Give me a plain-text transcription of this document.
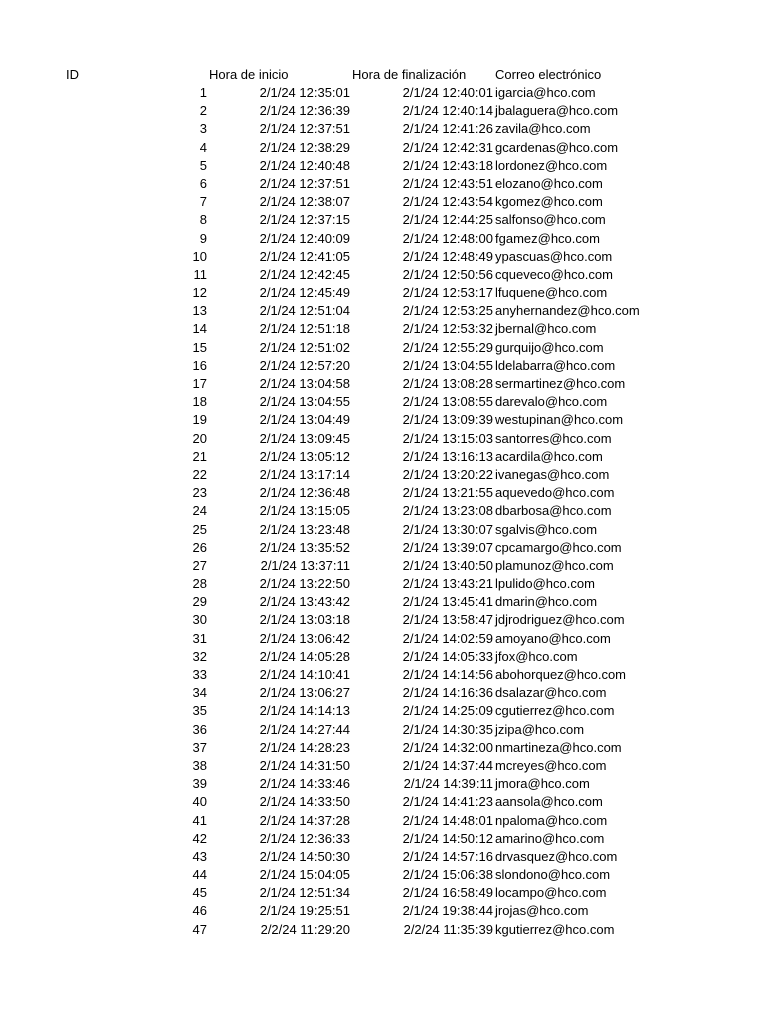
ID	Hora de inicio	Hora de finalización Correo electrónico
1	2/1/24 12:35:01	2/1/24 12:40:01 igarcia@hco.com
2	2/1/24 12:36:39	2/1/24 12:40:14 jbalaguera@hco.com
3	2/1/24 12:37:51	2/1/24 12:41:26 zavila@hco.com
4	2/1/24 12:38:29	2/1/24 12:42:31 gcardenas@hco.com
5	2/1/24 12:40:48	2/1/24 12:43:18 lordonez@hco.com
6	2/1/24 12:37:51	2/1/24 12:43:51 elozano@hco.com
7	2/1/24 12:38:07	2/1/24 12:43:54 kgomez@hco.com
8	2/1/24 12:37:15	2/1/24 12:44:25 salfonso@hco.com
9	2/1/24 12:40:09	2/1/24 12:48:00 fgamez@hco.com
10	2/1/24 12:41:05	2/1/24 12:48:49 ypascuas@hco.com
11	2/1/24 12:42:45	2/1/24 12:50:56 cqueveco@hco.com
12	2/1/24 12:45:49	2/1/24 12:53:17 lfuquene@hco.com
13	2/1/24 12:51:04	2/1/24 12:53:25 anyhernandez@hco.com
14	2/1/24 12:51:18	2/1/24 12:53:32 jbernal@hco.com
15	2/1/24 12:51:02	2/1/24 12:55:29 gurquijo@hco.com
16	2/1/24 12:57:20	2/1/24 13:04:55 ldelabarra@hco.com
17	2/1/24 13:04:58	2/1/24 13:08:28 sermartinez@hco.com
18	2/1/24 13:04:55	2/1/24 13:08:55 darevalo@hco.com
19	2/1/24 13:04:49	2/1/24 13:09:39 westupinan@hco.com
20	2/1/24 13:09:45	2/1/24 13:15:03 santorres@hco.com
21	2/1/24 13:05:12	2/1/24 13:16:13 acardila@hco.com
22	2/1/24 13:17:14	2/1/24 13:20:22 ivanegas@hco.com
23	2/1/24 12:36:48	2/1/24 13:21:55 aquevedo@hco.com
24	2/1/24 13:15:05	2/1/24 13:23:08 dbarbosa@hco.com
25	2/1/24 13:23:48	2/1/24 13:30:07 sgalvis@hco.com
26	2/1/24 13:35:52	2/1/24 13:39:07 cpcamargo@hco.com
27	2/1/24 13:37:11	2/1/24 13:40:50 plamunoz@hco.com
28	2/1/24 13:22:50	2/1/24 13:43:21 lpulido@hco.com
29	2/1/24 13:43:42	2/1/24 13:45:41 dmarin@hco.com
30	2/1/24 13:03:18	2/1/24 13:58:47 jdjrodriguez@hco.com
31	2/1/24 13:06:42	2/1/24 14:02:59 amoyano@hco.com
32	2/1/24 14:05:28	2/1/24 14:05:33 jfox@hco.com
33	2/1/24 14:10:41	2/1/24 14:14:56 abohorquez@hco.com
34	2/1/24 13:06:27	2/1/24 14:16:36 dsalazar@hco.com
35	2/1/24 14:14:13	2/1/24 14:25:09 cgutierrez@hco.com
36	2/1/24 14:27:44	2/1/24 14:30:35 jzipa@hco.com
37	2/1/24 14:28:23	2/1/24 14:32:00 nmartineza@hco.com
38	2/1/24 14:31:50	2/1/24 14:37:44 mcreyes@hco.com
39	2/1/24 14:33:46	2/1/24 14:39:11 jmora@hco.com
40	2/1/24 14:33:50	2/1/24 14:41:23 aansola@hco.com
41	2/1/24 14:37:28	2/1/24 14:48:01 npaloma@hco.com
42	2/1/24 12:36:33	2/1/24 14:50:12 amarino@hco.com
43	2/1/24 14:50:30	2/1/24 14:57:16 drvasquez@hco.com
44	2/1/24 15:04:05	2/1/24 15:06:38 slondono@hco.com
45	2/1/24 12:51:34	2/1/24 16:58:49 locampo@hco.com
46	2/1/24 19:25:51	2/1/24 19:38:44 jrojas@hco.com
47	2/2/24 11:29:20	2/2/24 11:35:39 kgutierrez@hco.com
